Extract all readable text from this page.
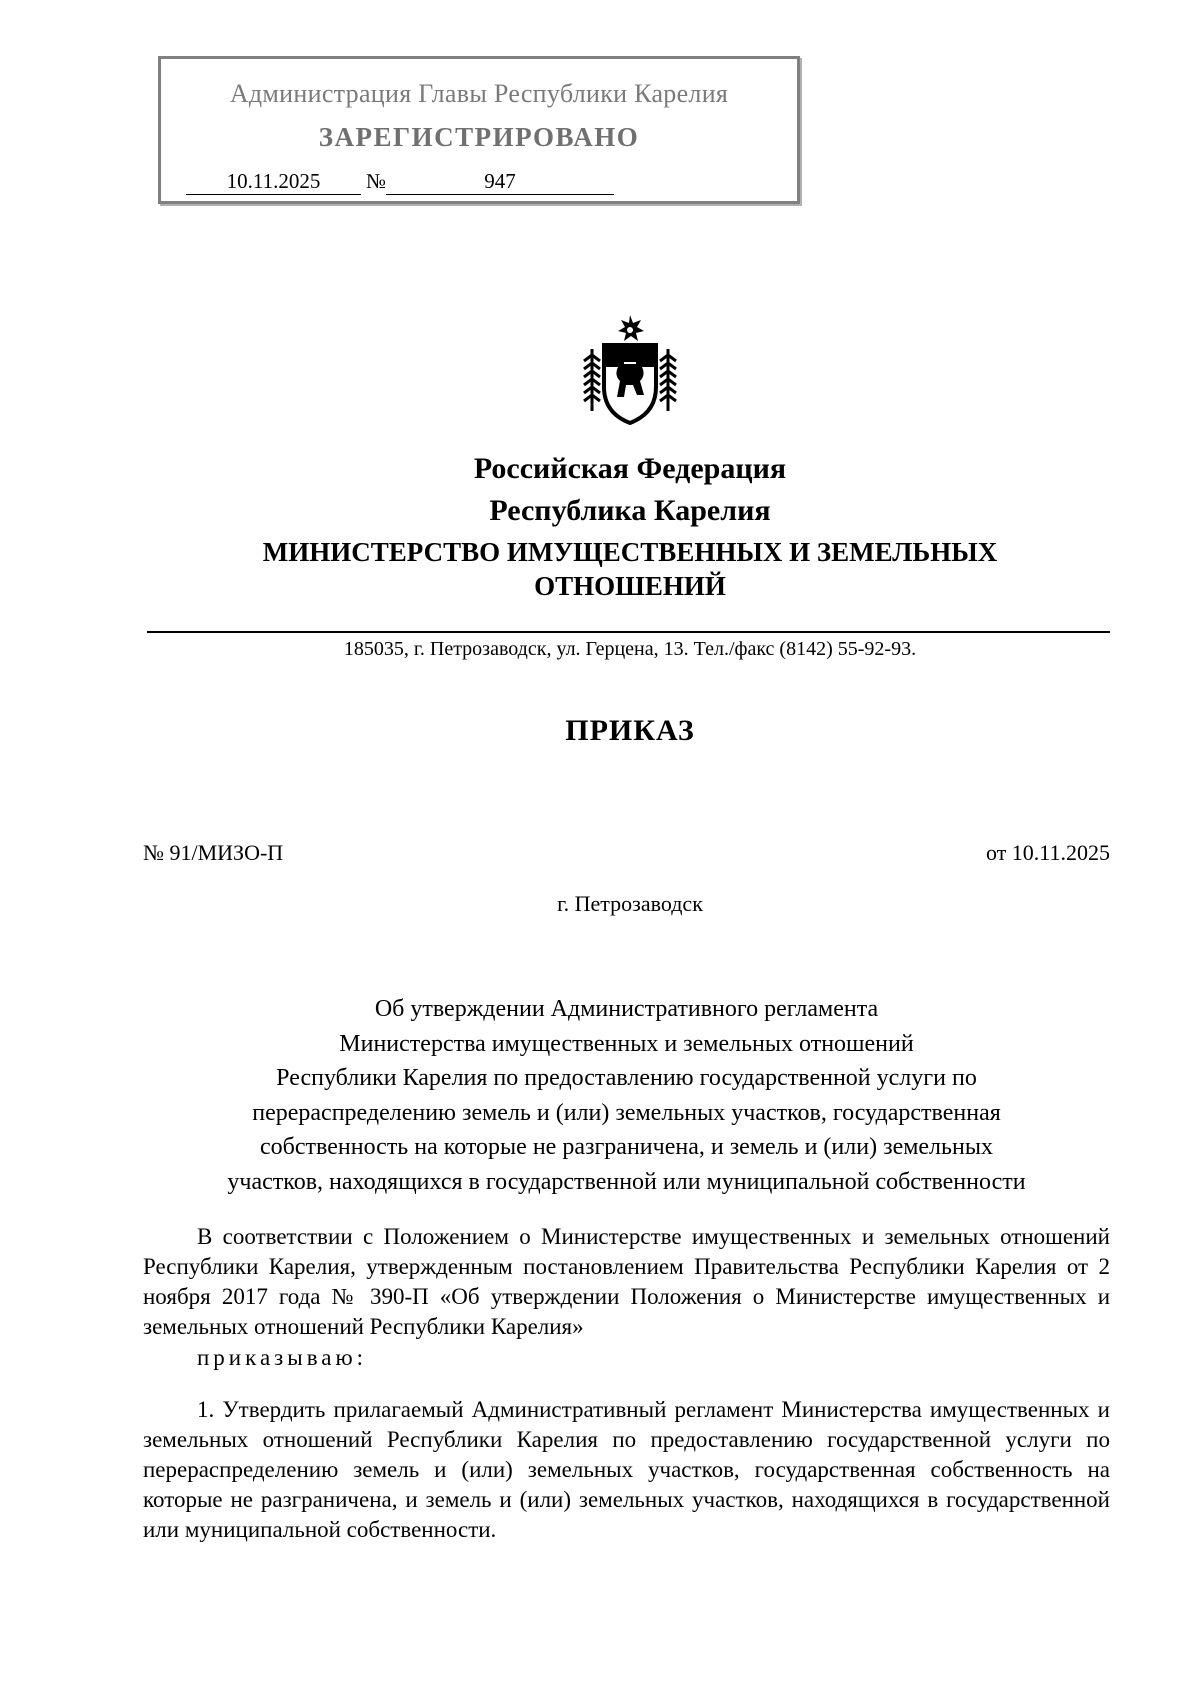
Администрация Главы Республики Карелия
ЗАРЕГИСТРИРОВАНО
10.11.2025	№	947
Российская Федерация
Республика Карелия
МИНИСТЕРСТВО ИМУЩЕСТВЕННЫХ И ЗЕМЕЛЬНЫХ
ОТНОШЕНИЙ
185035, г. Петрозаводск, ул. Герцена, 13. Тел./факс (8142) 55-92-93.
ПРИКАЗ
№ 91/МИЗО-П	от 10.11.2025
г. Петрозаводск
Об утверждении Административного регламента
Министерства имущественных и земельных отношений
Республики Карелия по предоставлению государственной услуги по
перераспределению земель и (или) земельных участков, государственная
собственность на которые не разграничена, и земель и (или) земельных
участков, находящихся в государственной или муниципальной собственности
В соответствии с Положением о Министерстве имущественных и земельных отношений Республики Карелия, утвержденным постановлением Правительства Республики Карелия от 2 ноября 2017 года № 390-П «Об утверждении Положения о Министерстве имущественных и земельных отношений Республики Карелия»
приказываю:
1. Утвердить прилагаемый Административный регламент Министерства имущественных и земельных отношений Республики Карелия по предоставлению государственной услуги по перераспределению земель и (или) земельных участков, государственная собственность на которые не разграничена, и земель и (или) земельных участков, находящихся в государственной или муниципальной собственности.
